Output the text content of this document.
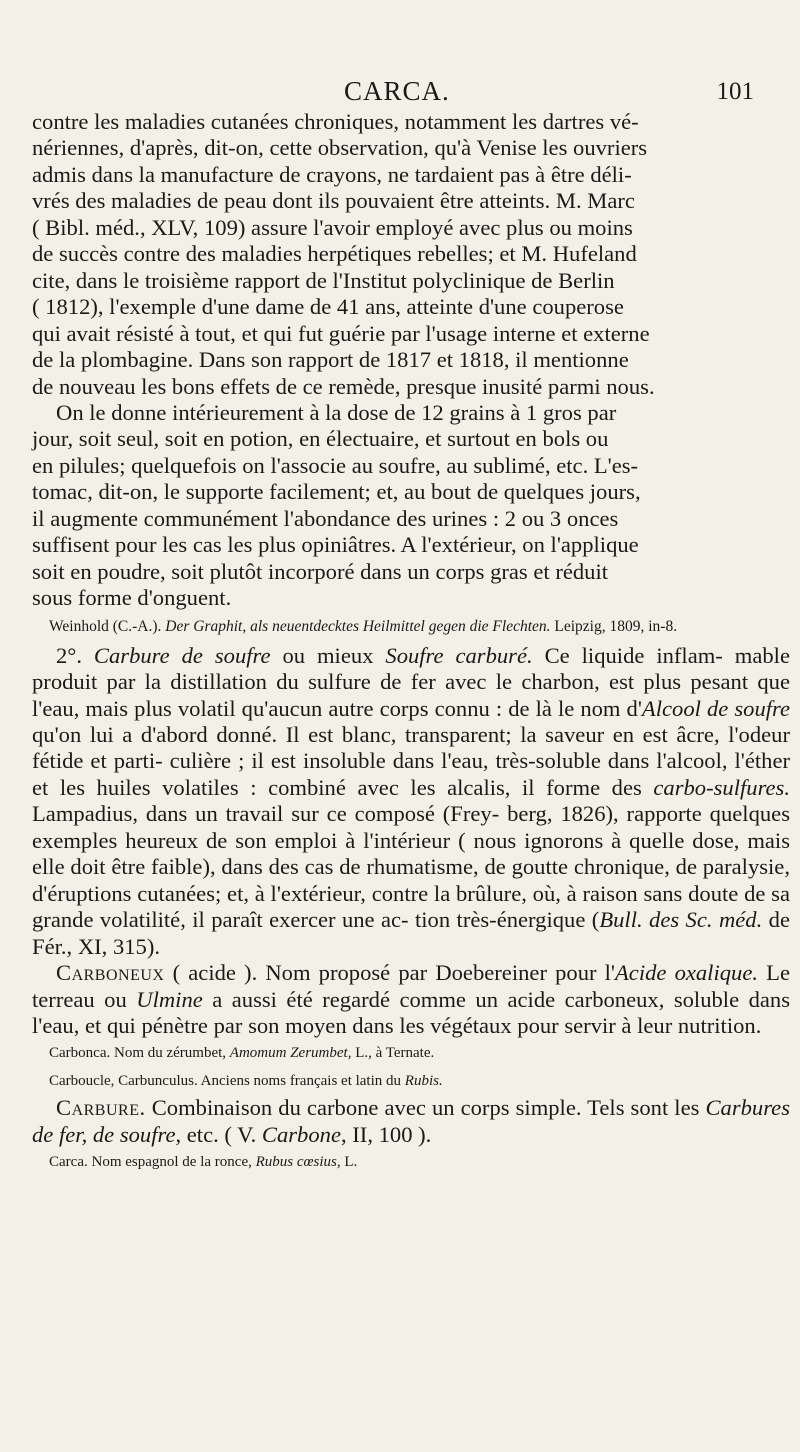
CARCA.	101
contre les maladies cutanées chroniques, notamment les dartres vé-
nériennes, d'après, dit-on, cette observation, qu'à Venise les ouvriers
admis dans la manufacture de crayons, ne tardaient pas à être déli-
vrés des maladies de peau dont ils pouvaient être atteints. M. Marc
( Bibl. méd., XLV, 109) assure l'avoir employé avec plus ou moins
de succès contre des maladies herpétiques rebelles; et M. Hufeland
cite, dans le troisième rapport de l'Institut polyclinique de Berlin
( 1812), l'exemple d'une dame de 41 ans, atteinte d'une couperose
qui avait résisté à tout, et qui fut guérie par l'usage interne et externe
de la plombagine. Dans son rapport de 1817 et 1818, il mentionne
de nouveau les bons effets de ce remède, presque inusité parmi nous.
On le donne intérieurement à la dose de 12 grains à 1 gros par
jour, soit seul, soit en potion, en électuaire, et surtout en bols ou
en pilules; quelquefois on l'associe au soufre, au sublimé, etc. L'es-
tomac, dit-on, le supporte facilement; et, au bout de quelques jours,
il augmente communément l'abondance des urines : 2 ou 3 onces
suffisent pour les cas les plus opiniâtres. A l'extérieur, on l'applique
soit en poudre, soit plutôt incorporé dans un corps gras et réduit
sous forme d'onguent.

Weinhold (C.-A.). Der Graphit, als neuentdecktes Heilmittel gegen die Flechten. Leipzig, 1809, in-8.

2°. Carbure de soufre ou mieux Soufre carburé. Ce liquide inflam- mable produit par la distillation du sulfure de fer avec le charbon, est plus pesant que l'eau, mais plus volatil qu'aucun autre corps connu : de là le nom d'Alcool de soufre qu'on lui a d'abord donné. Il est blanc, transparent; la saveur en est âcre, l'odeur fétide et parti- culière ; il est insoluble dans l'eau, très-soluble dans l'alcool, l'éther et les huiles volatiles : combiné avec les alcalis, il forme des carbo-sulfures. Lampadius, dans un travail sur ce composé (Frey- berg, 1826), rapporte quelques exemples heureux de son emploi à l'intérieur ( nous ignorons à quelle dose, mais elle doit être faible), dans des cas de rhumatisme, de goutte chronique, de paralysie, d'éruptions cutanées; et, à l'extérieur, contre la brûlure, où, à raison sans doute de sa grande volatilité, il paraît exercer une ac- tion très-énergique (Bull. des Sc. méd. de Fér., XI, 315).

Carboneux ( acide ). Nom proposé par Doebereiner pour l'Acide oxalique. Le terreau ou Ulmine a aussi été regardé comme un acide carboneux, soluble dans l'eau, et qui pénètre par son moyen dans les végétaux pour servir à leur nutrition.

Carbonca. Nom du zérumbet, Amomum Zerumbet, L., à Ternate.

Carboucle, Carbunculus. Anciens noms français et latin du Rubis.

Carbure. Combinaison du carbone avec un corps simple. Tels sont les Carbures de fer, de soufre, etc. ( V. Carbone, II, 100 ).

Carca. Nom espagnol de la ronce, Rubus cœsius, L.
